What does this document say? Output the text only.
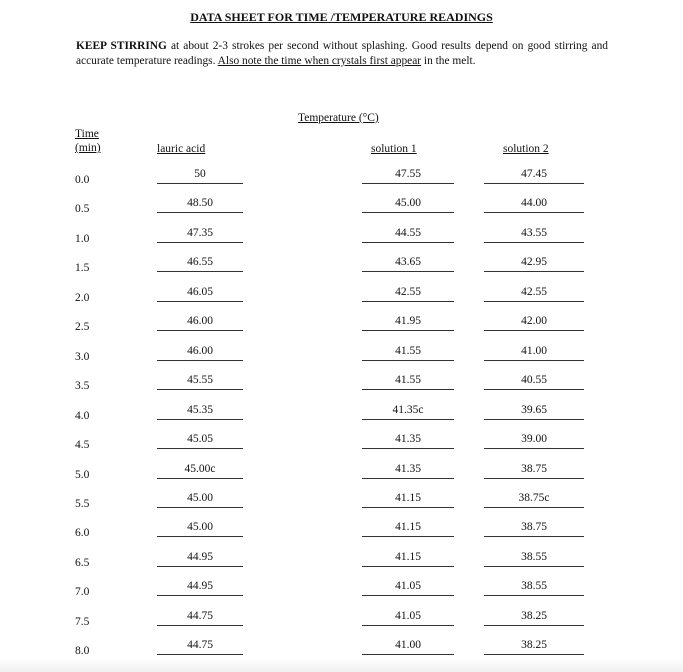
DATA SHEET FOR TIME /TEMPERATURE READINGS
KEEP STIRRING at about 2-3 strokes per second without splashing. Good results depend on good stirring and accurate temperature readings. Also note the time when crystals first appear in the melt.
Temperature (°C)
Time
(min)	lauric acid	solution 1	solution 2
0.0	50	47.55	47.45
0.5	48.50	45.00	44.00
1.0	47.35	44.55	43.55
1.5	46.55	43.65	42.95
2.0	46.05	42.55	42.55
2.5	46.00	41.95	42.00
3.0	46.00	41.55	41.00
3.5	45.55	41.55	40.55
4.0	45.35	41.35c	39.65
4.5	45.05	41.35	39.00
5.0	45.00c	41.35	38.75
5.5	45.00	41.15	38.75c
6.0	45.00	41.15	38.75
6.5	44.95	41.15	38.55
7.0	44.95	41.05	38.55
7.5	44.75	41.05	38.25
8.0	44.75	41.00	38.25
